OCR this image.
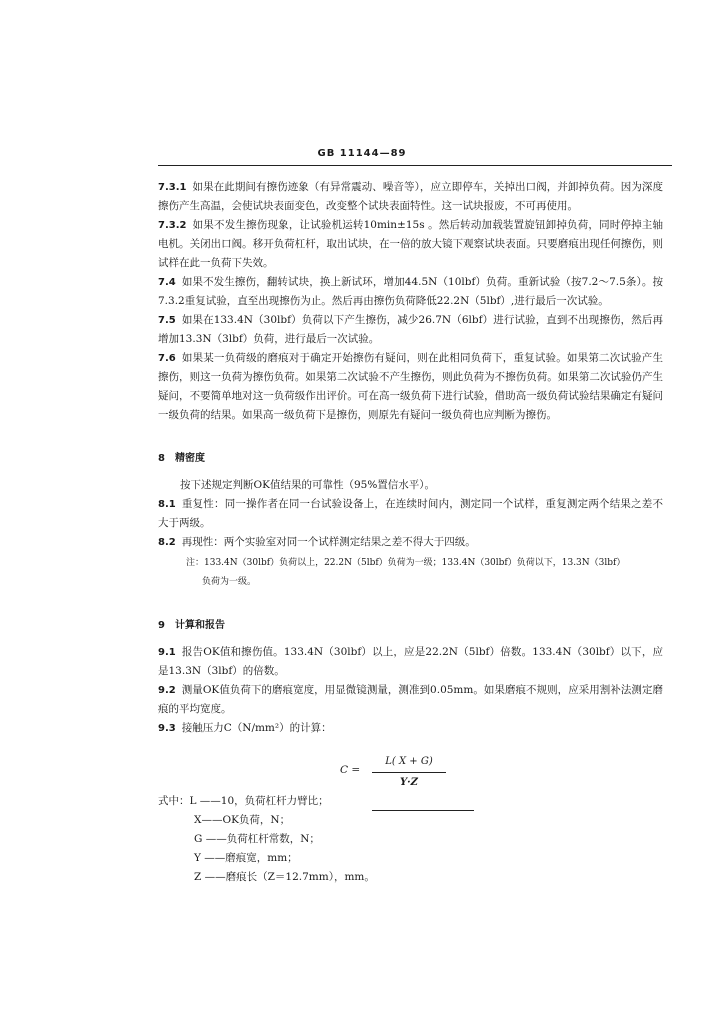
GB 11144—89

7.3.1 如果在此期间有擦伤迹象（有异常震动、噪音等），应立即停车，关掉出口阀，并卸掉负荷。因为深度擦伤产生高温，会使试块表面变色，改变整个试块表面特性。这一试块报废，不可再使用。

7.3.2 如果不发生擦伤现象，让试验机运转10min±15s 。然后转动加载装置旋钮卸掉负荷，同时停掉主轴电机。关闭出口阀。移开负荷杠杆，取出试块，在一倍的放大镜下观察试块表面。只要磨痕出现任何擦伤，则试样在此一负荷下失效。

7.4 如果不发生擦伤，翻转试块，换上新试环，增加44.5N（10lbf）负荷。重新试验（按7.2～7.5条）。按7.3.2重复试验，直至出现擦伤为止。然后再由擦伤负荷降低22.2N（5lbf）,进行最后一次试验。

7.5 如果在133.4N（30lbf）负荷以下产生擦伤，减少26.7N（6lbf）进行试验，直到不出现擦伤，然后再增加13.3N（3lbf）负荷，进行最后一次试验。

7.6 如果某一负荷级的磨痕对于确定开始擦伤有疑问，则在此相同负荷下，重复试验。如果第二次试验产生擦伤，则这一负荷为擦伤负荷。如果第二次试验不产生擦伤，则此负荷为不擦伤负荷。如果第二次试验仍产生疑问，不要简单地对这一负荷级作出评价。可在高一级负荷下进行试验，借助高一级负荷试验结果确定有疑问一级负荷的结果。如果高一级负荷下是擦伤，则原先有疑问一级负荷也应判断为擦伤。

8 精密度

按下述规定判断OK值结果的可靠性（95%置信水平）。

8.1 重复性：同一操作者在同一台试验设备上，在连续时间内，测定同一个试样，重复测定两个结果之差不大于两级。

8.2 再现性：两个实验室对同一个试样测定结果之差不得大于四级。

注：133.4N（30lbf）负荷以上，22.2N（5lbf）负荷为一级；133.4N（30lbf）负荷以下，13.3N（3lbf）
负荷为一级。

9 计算和报告

9.1 报告OK值和擦伤值。133.4N（30lbf）以上，应是22.2N（5lbf）倍数。133.4N（30lbf）以下，应是13.3N（3lbf）的倍数。

9.2 测量OK值负荷下的磨痕宽度，用显微镜测量，测准到0.05mm。如果磨痕不规则，应采用割补法测定磨痕的平均宽度。

9.3 接触压力C（N/mm²）的计算：

$C = \frac{L( X + G)}{Y\cdot Z}$

式中：L ——10，负荷杠杆力臂比；

X——OK负荷，N；

G ——负荷杠杆常数，N；

Y ——磨痕宽，mm；

Z ——磨痕长（Z＝12.7mm），mm。
